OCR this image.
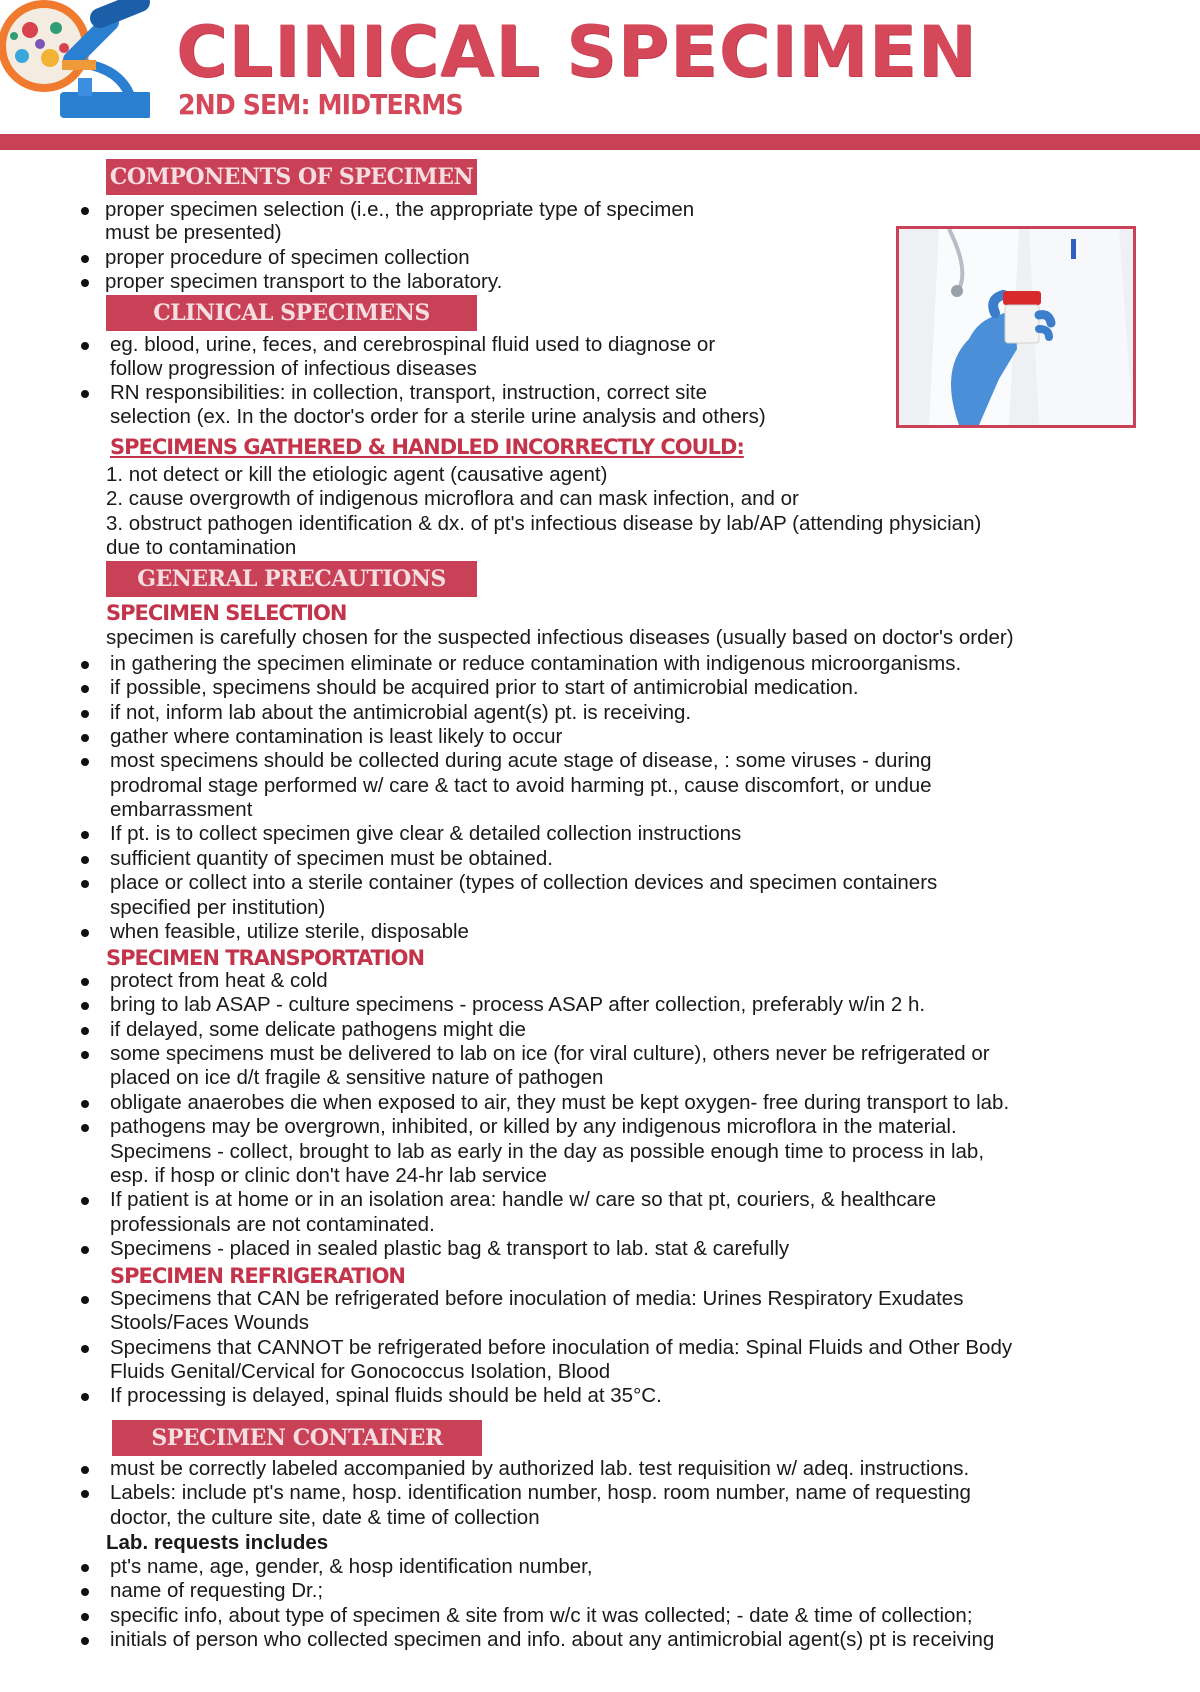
CLINICAL SPECIMEN
2ND SEM: MIDTERMS
COMPONENTS OF SPECIMEN
proper specimen selection (i.e., the appropriate type of specimen
must be presented)
proper procedure of specimen collection
proper specimen transport to the laboratory.
CLINICAL SPECIMENS
eg. blood, urine, feces, and cerebrospinal fluid used to diagnose or
follow progression of infectious diseases
RN responsibilities: in collection, transport, instruction, correct site
selection (ex. In the doctor's order for a sterile urine analysis and others)
SPECIMENS GATHERED & HANDLED INCORRECTLY COULD:
1. not detect or kill the etiologic agent (causative agent)
2. cause overgrowth of indigenous microflora and can mask infection, and or
3. obstruct pathogen identification & dx. of pt's infectious disease by lab/AP (attending physician)
due to contamination
GENERAL PRECAUTIONS
SPECIMEN SELECTION
specimen is carefully chosen for the suspected infectious diseases (usually based on doctor's order)
in gathering the specimen eliminate or reduce contamination with indigenous microorganisms.
if possible, specimens should be acquired prior to start of antimicrobial medication.
if not, inform lab about the antimicrobial agent(s) pt. is receiving.
gather where contamination is least likely to occur
most specimens should be collected during acute stage of disease, : some viruses - during
prodromal stage performed w/ care & tact to avoid harming pt., cause discomfort, or undue
embarrassment
If pt. is to collect specimen give clear & detailed collection instructions
sufficient quantity of specimen must be obtained.
place or collect into a sterile container (types of collection devices and specimen containers
specified per institution)
when feasible, utilize sterile, disposable
SPECIMEN TRANSPORTATION
protect from heat & cold
bring to lab ASAP - culture specimens - process ASAP after collection, preferably w/in 2 h.
if delayed, some delicate pathogens might die
some specimens must be delivered to lab on ice (for viral culture), others never be refrigerated or
placed on ice d/t fragile & sensitive nature of pathogen
obligate anaerobes die when exposed to air, they must be kept oxygen- free during transport to lab.
pathogens may be overgrown, inhibited, or killed by any indigenous microflora in the material.
Specimens - collect, brought to lab as early in the day as possible enough time to process in lab,
esp. if hosp or clinic don't have 24-hr lab service
If patient is at home or in an isolation area: handle w/ care so that pt, couriers, & healthcare
professionals are not contaminated.
Specimens - placed in sealed plastic bag & transport to lab. stat & carefully
SPECIMEN REFRIGERATION
Specimens that CAN be refrigerated before inoculation of media: Urines Respiratory Exudates
Stools/Faces Wounds
Specimens that CANNOT be refrigerated before inoculation of media: Spinal Fluids and Other Body
Fluids Genital/Cervical for Gonococcus Isolation, Blood
If processing is delayed, spinal fluids should be held at 35°C.
SPECIMEN CONTAINER
must be correctly labeled accompanied by authorized lab. test requisition w/ adeq. instructions.
Labels: include pt's name, hosp. identification number, hosp. room number, name of requesting
doctor, the culture site, date & time of collection
Lab. requests includes
pt's name, age, gender, & hosp identification number,
name of requesting Dr.;
specific info, about type of specimen & site from w/c it was collected; - date & time of collection;
initials of person who collected specimen and info. about any antimicrobial agent(s) pt is receiving
